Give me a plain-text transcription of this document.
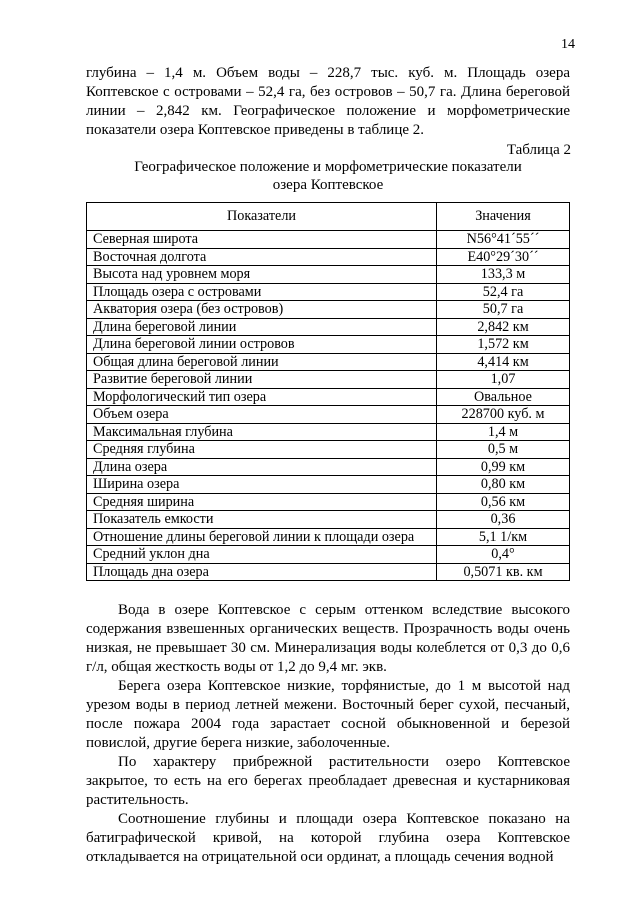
14
глубина – 1,4 м. Объем воды – 228,7 тыс. куб. м. Площадь озера Коптевское с островами – 52,4 га, без островов – 50,7 га. Длина береговой линии – 2,842 км. Географическое положение и морфометрические показатели озера Коптевское приведены в таблице 2.
Таблица 2
Географическое положение и морфометрические показатели
озера Коптевское
Показатели	Значения
Северная широта	N56°41´55´´
Восточная долгота	E40°29´30´´
Высота над уровнем моря	133,3 м
Площадь озера с островами	52,4 га
Акватория озера (без островов)	50,7 га
Длина береговой линии	2,842 км
Длина береговой линии островов	1,572 км
Общая длина береговой линии	4,414 км
Развитие береговой линии	1,07
Морфологический тип озера	Овальное
Объем озера	228700 куб. м
Максимальная глубина	1,4 м
Средняя глубина	0,5 м
Длина озера	0,99 км
Ширина озера	0,80 км
Средняя ширина	0,56 км
Показатель емкости	0,36
Отношение длины береговой линии к площади озера	5,1 1/км
Средний уклон дна	0,4°
Площадь дна озера	0,5071 кв. км

Вода в озере Коптевское с серым оттенком вследствие высокого содержания взвешенных органических веществ. Прозрачность воды очень низкая, не превышает 30 см. Минерализация воды колеблется от 0,3 до 0,6 г/л, общая жесткость воды от 1,2 до 9,4 мг. экв.

Берега озера Коптевское низкие, торфянистые, до 1 м высотой над урезом воды в период летней межени. Восточный берег сухой, песчаный, после пожара 2004 года зарастает сосной обыкновенной и березой повислой, другие берега низкие, заболоченные.

По характеру прибрежной растительности озеро Коптевское закрытое, то есть на его берегах преобладает древесная и кустарниковая растительность.

Соотношение глубины и площади озера Коптевское показано на батиграфической кривой, на которой глубина озера Коптевское откладывается на отрицательной оси ординат, а площадь сечения водной
